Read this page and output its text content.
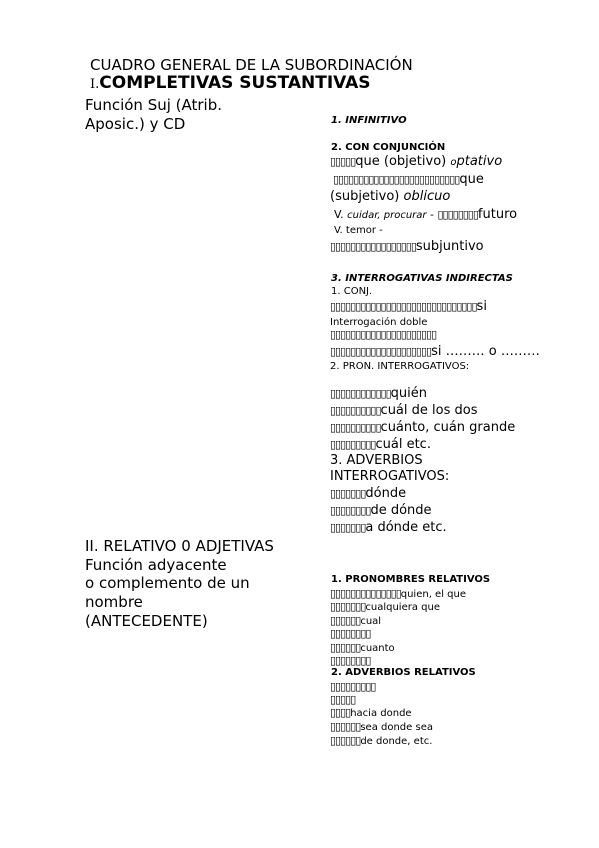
CUADRO GENERAL DE LA SUBORDINACIÓN
I.COMPLETIVAS SUSTANTIVAS
Función Suj (Atrib.
Aposic.) y CD
II. RELATIVO 0 ADJETIVAS
Función adyacente
o complemento de un
nombre
(ANTECEDENTE)
1. INFINITIVO
2. CON CONJUNCIÓN
▯▯▯▯▯que (objetivo) optativo
▯▯▯▯▯▯▯▯▯▯▯▯▯▯▯▯▯▯▯▯▯▯▯▯▯que
(subjetivo) oblicuo
V. cuidar, procurar - ▯▯▯▯▯▯▯▯futuro
V. temor -
▯▯▯▯▯▯▯▯▯▯▯▯▯▯▯▯▯subjuntivo
3. INTERROGATIVAS INDIRECTAS
1. CONJ.
▯▯▯▯▯▯▯▯▯▯▯▯▯▯▯▯▯▯▯▯▯▯▯▯▯▯▯▯▯si
Interrogación doble
▯▯▯▯▯▯▯▯▯▯▯▯▯▯▯▯▯▯▯▯▯
▯▯▯▯▯▯▯▯▯▯▯▯▯▯▯▯▯▯▯▯si ……… o ………
2. PRON. INTERROGATIVOS:
▯▯▯▯▯▯▯▯▯▯▯▯quién
▯▯▯▯▯▯▯▯▯▯cuál de los dos
▯▯▯▯▯▯▯▯▯▯cuánto, cuán grande
▯▯▯▯▯▯▯▯▯cuál etc.
3. ADVERBIOS
INTERROGATIVOS:
▯▯▯▯▯▯▯dónde
▯▯▯▯▯▯▯▯de dónde
▯▯▯▯▯▯▯a dónde etc.
1. PRONOMBRES RELATIVOS
▯▯▯▯▯▯▯▯▯▯▯▯▯▯quien, el que
▯▯▯▯▯▯▯cualquiera que
▯▯▯▯▯▯cual
▯▯▯▯▯▯▯▯
▯▯▯▯▯▯cuanto
▯▯▯▯▯▯▯▯
2. ADVERBIOS RELATIVOS
▯▯▯▯▯▯▯▯▯
▯▯▯▯▯
▯▯▯▯hacia donde
▯▯▯▯▯▯sea donde sea
▯▯▯▯▯▯de donde, etc.
